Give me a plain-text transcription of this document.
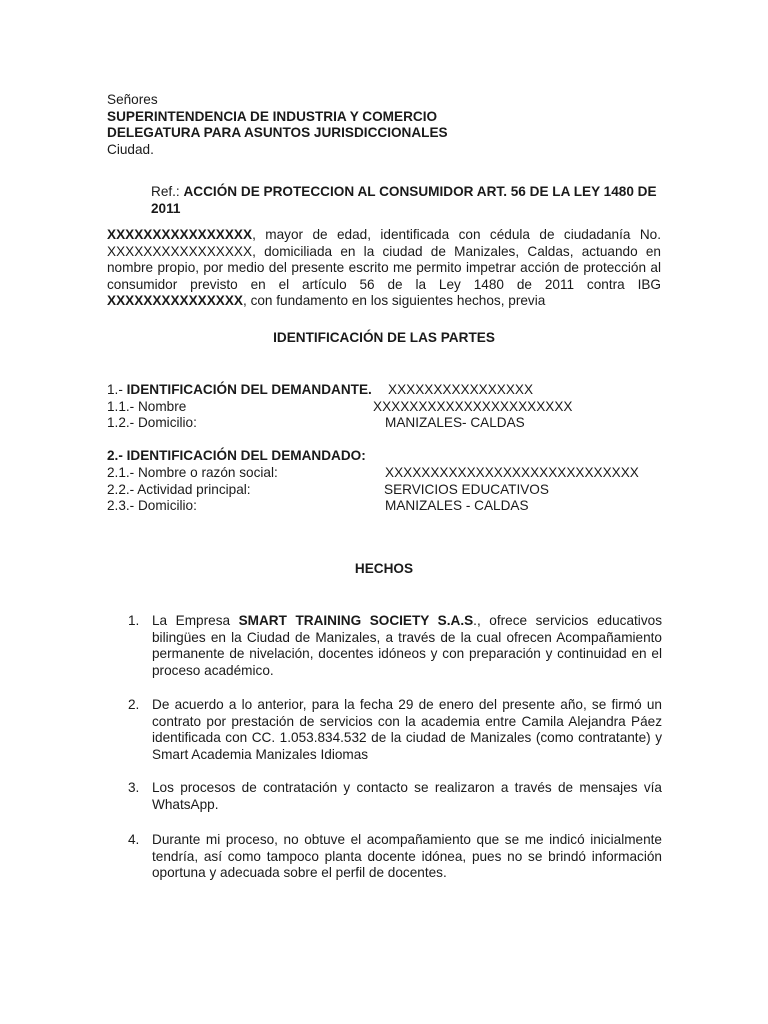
Señores
SUPERINTENDENCIA DE INDUSTRIA Y COMERCIO
DELEGATURA PARA ASUNTOS JURISDICCIONALES
Ciudad.
Ref.: ACCIÓN DE PROTECCION AL CONSUMIDOR ART. 56 DE LA LEY 1480 DE 2011
XXXXXXXXXXXXXXXX, mayor de edad, identificada con cédula de ciudadanía No. XXXXXXXXXXXXXXXX, domiciliada en la ciudad de Manizales, Caldas, actuando en nombre propio, por medio del presente escrito me permito impetrar acción de protección al consumidor previsto en el artículo 56 de la Ley 1480 de 2011 contra IBG XXXXXXXXXXXXXXX, con fundamento en los siguientes hechos, previa
IDENTIFICACIÓN DE LAS PARTES
1.- IDENTIFICACIÓN DEL DEMANDANTE. XXXXXXXXXXXXXXXX
1.1.- Nombre	XXXXXXXXXXXXXXXXXXXXXX
1.2.- Domicilio:	MANIZALES- CALDAS
2.- IDENTIFICACIÓN DEL DEMANDADO:
2.1.- Nombre o razón social:	XXXXXXXXXXXXXXXXXXXXXXXXXXXX
2.2.- Actividad principal:	SERVICIOS EDUCATIVOS
2.3.- Domicilio:	MANIZALES - CALDAS
HECHOS
1. La Empresa SMART TRAINING SOCIETY S.A.S., ofrece servicios educativos bilingües en la Ciudad de Manizales, a través de la cual ofrecen Acompañamiento permanente de nivelación, docentes idóneos y con preparación y continuidad en el proceso académico.
2. De acuerdo a lo anterior, para la fecha 29 de enero del presente año, se firmó un contrato por prestación de servicios con la academia entre Camila Alejandra Páez identificada con CC. 1.053.834.532 de la ciudad de Manizales (como contratante) y Smart Academia Manizales Idiomas
3. Los procesos de contratación y contacto se realizaron a través de mensajes vía WhatsApp.
4. Durante mi proceso, no obtuve el acompañamiento que se me indicó inicialmente tendría, así como tampoco planta docente idónea, pues no se brindó información oportuna y adecuada sobre el perfil de docentes.
